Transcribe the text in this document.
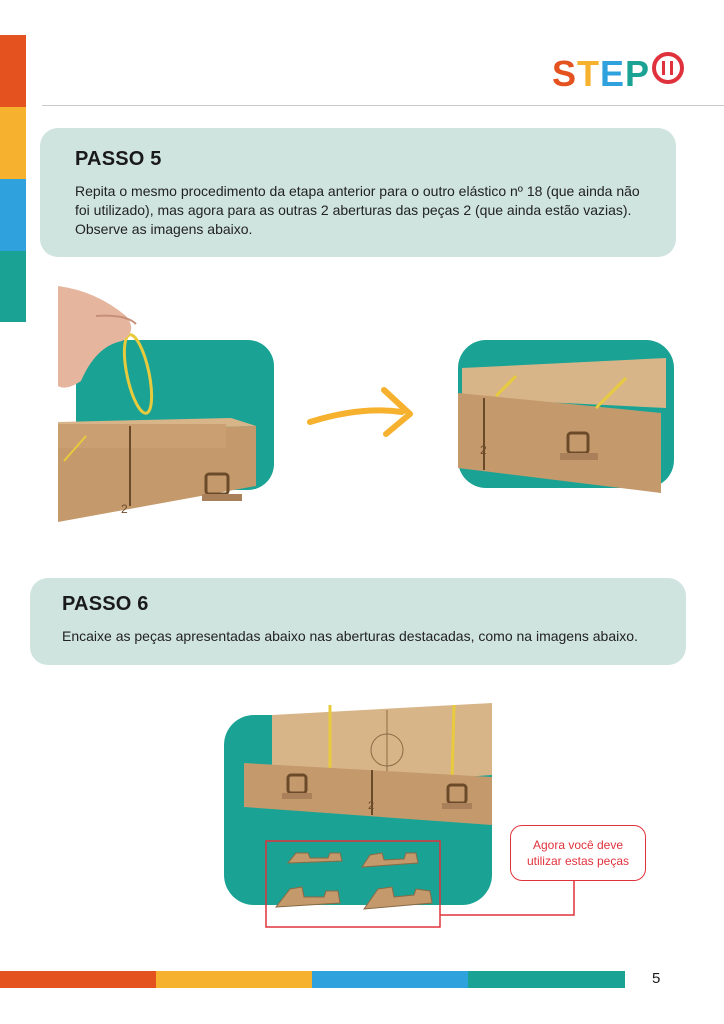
STEP
PASSO 5
Repita o mesmo procedimento da etapa anterior para o outro elástico nº 18 (que ainda não foi utilizado), mas agora para as outras 2 aberturas das peças 2 (que ainda estão vazias). Observe as imagens abaixo.
2
2
PASSO 6
Encaixe as peças apresentadas abaixo nas aberturas destacadas, como na imagens abaixo.
2
Agora você deve
utilizar estas peças
5
